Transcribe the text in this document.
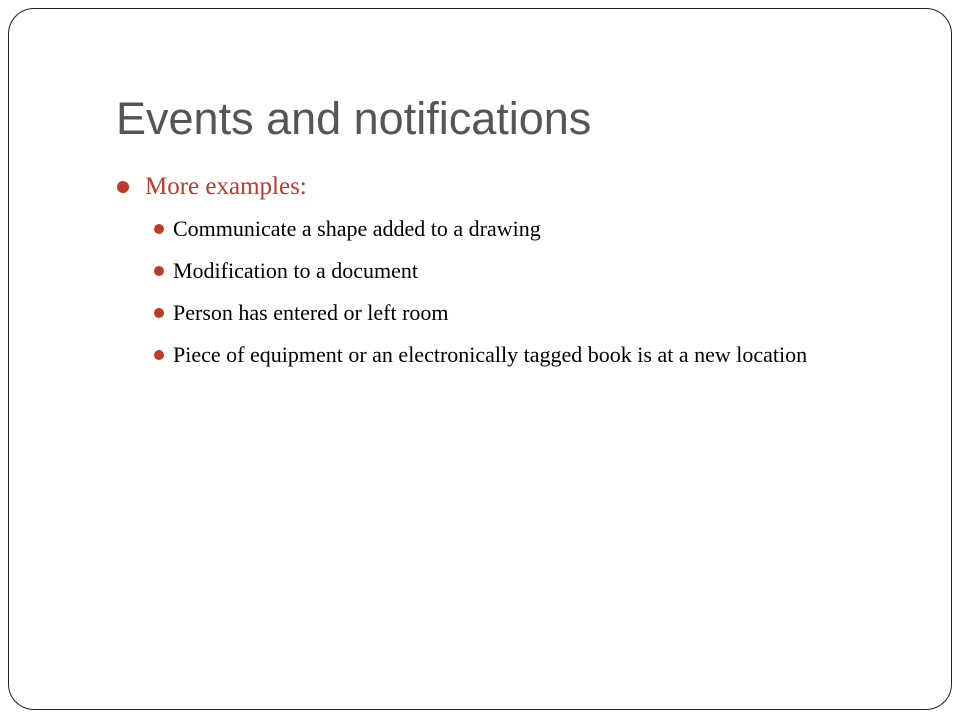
Events and notifications
More examples:
Communicate a shape added to a drawing
Modification to a document
Person has entered or left room
Piece of equipment or an electronically tagged book is at a new location
